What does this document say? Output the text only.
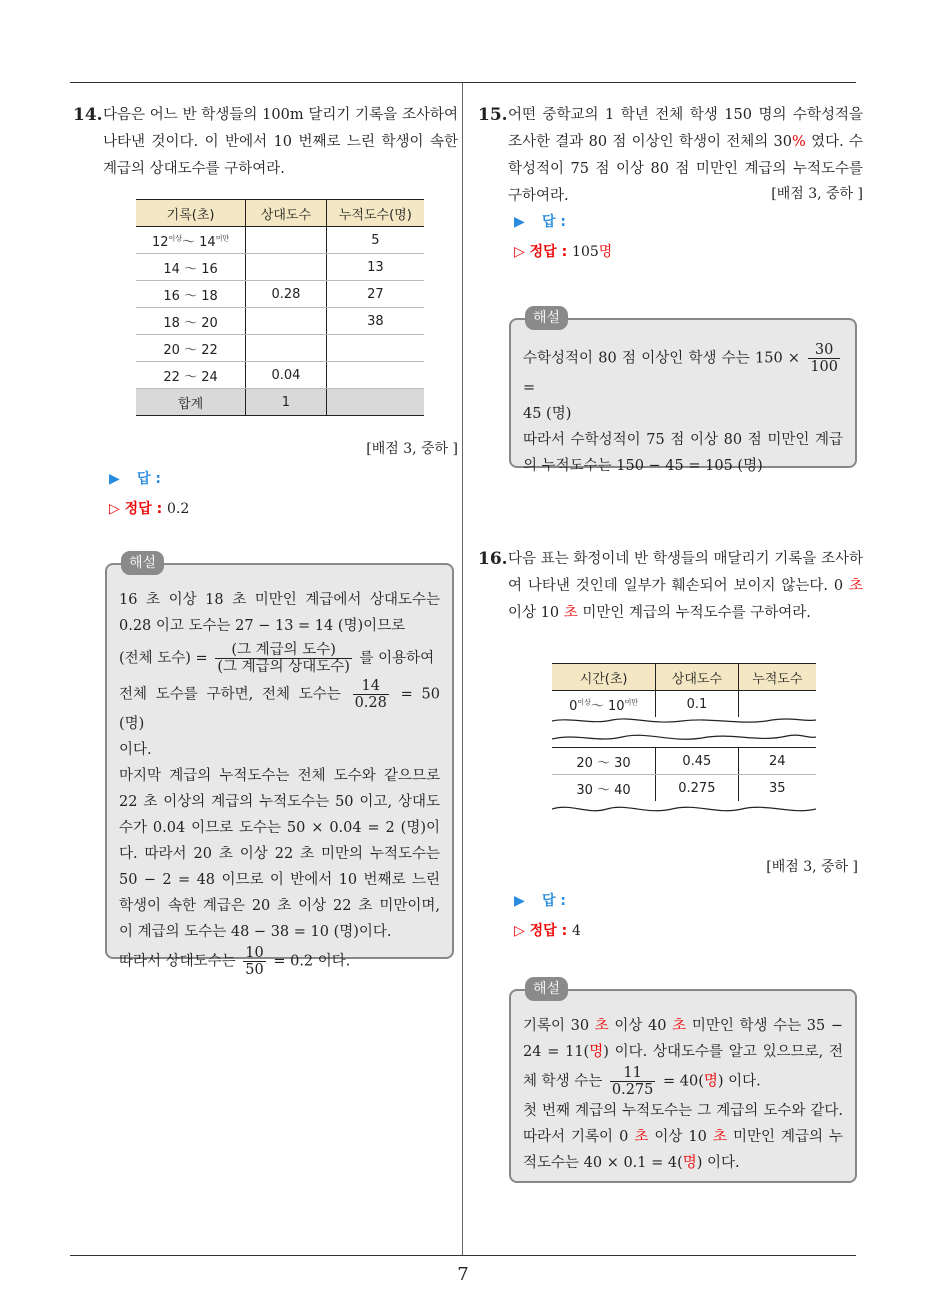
7
14. 다음은 어느 반 학생들의 100m 달리기 기록을 조사하여 나타낸 것이다. 이 반에서 10 번째로 느린 학생이 속한 계급의 상대도수를 구하여라.
기록(초)	상대도수	누적도수(명)
$12^{이상}\sim$ $14^{미만}$		5
14 ～ 16		13
16 ～ 18	0.28	27
18 ～ 20		38
20 ～ 22		
22 ～ 24	0.04	
합계	1	
[배점 3, 중하 ]
▶ 답 :
▷ 정답 : 0.2
해설
16 초 이상 18 초 미만인 계급에서 상대도수는 0.28 이고 도수는 27 − 13 = 14 (명)이므로
(전체 도수) = $\frac{\text{(그 계급의 도수)}}{\text{(그 계급의 상대도수)}}$ 를 이용하여
전체 도수를 구하면, 전체 도수는 $\frac{14}{0.28} = 50$ (명)
이다.
마지막 계급의 누적도수는 전체 도수와 같으므로 22 초 이상의 계급의 누적도수는 50 이고, 상대도수가 0.04 이므로 도수는 50 × 0.04 = 2 (명)이다. 따라서 20 초 이상 22 초 미만의 누적도수는 50 − 2 = 48 이므로 이 반에서 10 번째로 느린 학생이 속한 계급은 20 초 이상 22 초 미만이며, 이 계급의 도수는 48 − 38 = 10 (명)이다.
따라서 상대도수는 $\frac{10}{50} = 0.2$ 이다.
15. 어떤 중학교의 1 학년 전체 학생 150 명의 수학성적을 조사한 결과 80 점 이상인 학생이 전체의 30% 였다. 수학성적이 75 점 이상 80 점 미만인 계급의 누적도수를 구하여라.	[배점 3, 중하 ]
▶ 답 :
▷ 정답 : 105명
해설
수학성적이 80 점 이상인 학생 수는 $150 \times \frac{30}{100}$
=
45 (명)
따라서 수학성적이 75 점 이상 80 점 미만인 계급의 누적도수는 150 − 45 = 105 (명)
16. 다음 표는 화정이네 반 학생들의 매달리기 기록을 조사하여 나타낸 것인데 일부가 훼손되어 보이지 않는다. 0 초 이상 10 초 미만인 계급의 누적도수를 구하여라.
시간(초)	상대도수	누적도수
$0^{이상}\sim$ $10^{미만}$	0.1	
20 ～ 30	0.45	24
30 ～ 40	0.275	35
[배점 3, 중하 ]
▶ 답 :
▷ 정답 : 4
해설
기록이 30 초 이상 40 초 미만인 학생 수는 35 − 24 = 11(명) 이다. 상대도수를 알고 있으므로, 전체 학생 수는 $\frac{11}{0.275} = 40$(명) 이다.
첫 번째 계급의 누적도수는 그 계급의 도수와 같다. 따라서 기록이 0 초 이상 10 초 미만인 계급의 누적도수는 40 × 0.1 = 4(명) 이다.
